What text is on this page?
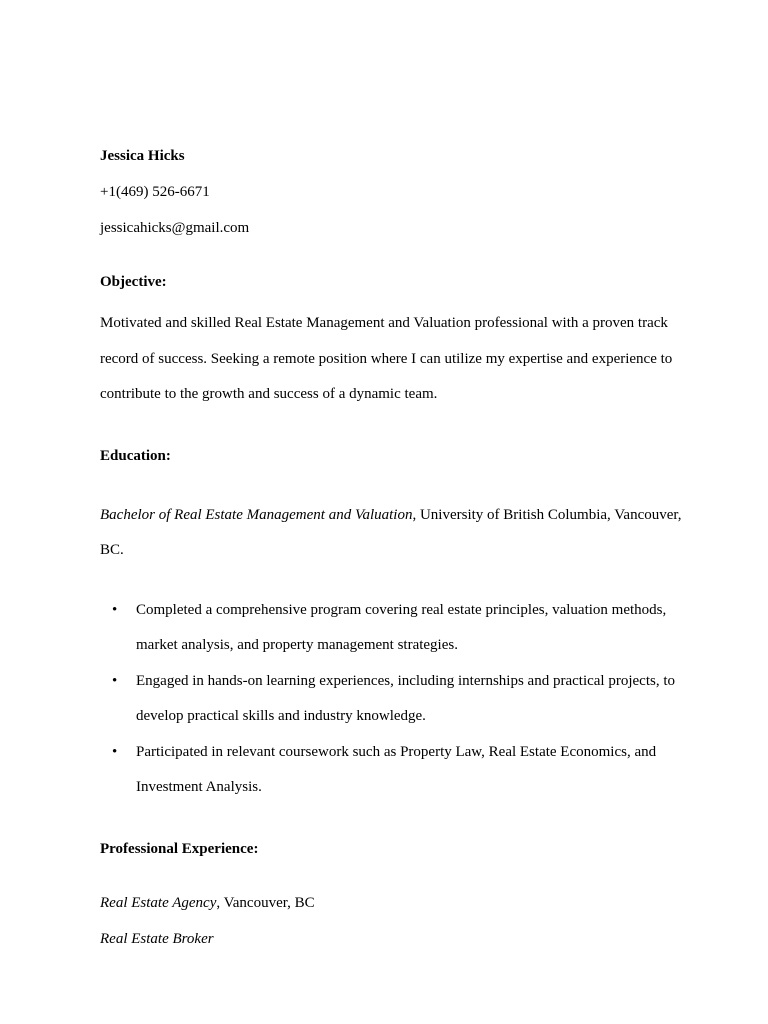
Jessica Hicks

+1(469) 526-6671

jessicahicks@gmail.com

Objective:

Motivated and skilled Real Estate Management and Valuation professional with a proven track record of success. Seeking a remote position where I can utilize my expertise and experience to contribute to the growth and success of a dynamic team.

Education:

Bachelor of Real Estate Management and Valuation, University of British Columbia, Vancouver, BC.

• Completed a comprehensive program covering real estate principles, valuation methods, market analysis, and property management strategies.
• Engaged in hands-on learning experiences, including internships and practical projects, to develop practical skills and industry knowledge.
• Participated in relevant coursework such as Property Law, Real Estate Economics, and Investment Analysis.

Professional Experience:

Real Estate Agency, Vancouver, BC

Real Estate Broker
